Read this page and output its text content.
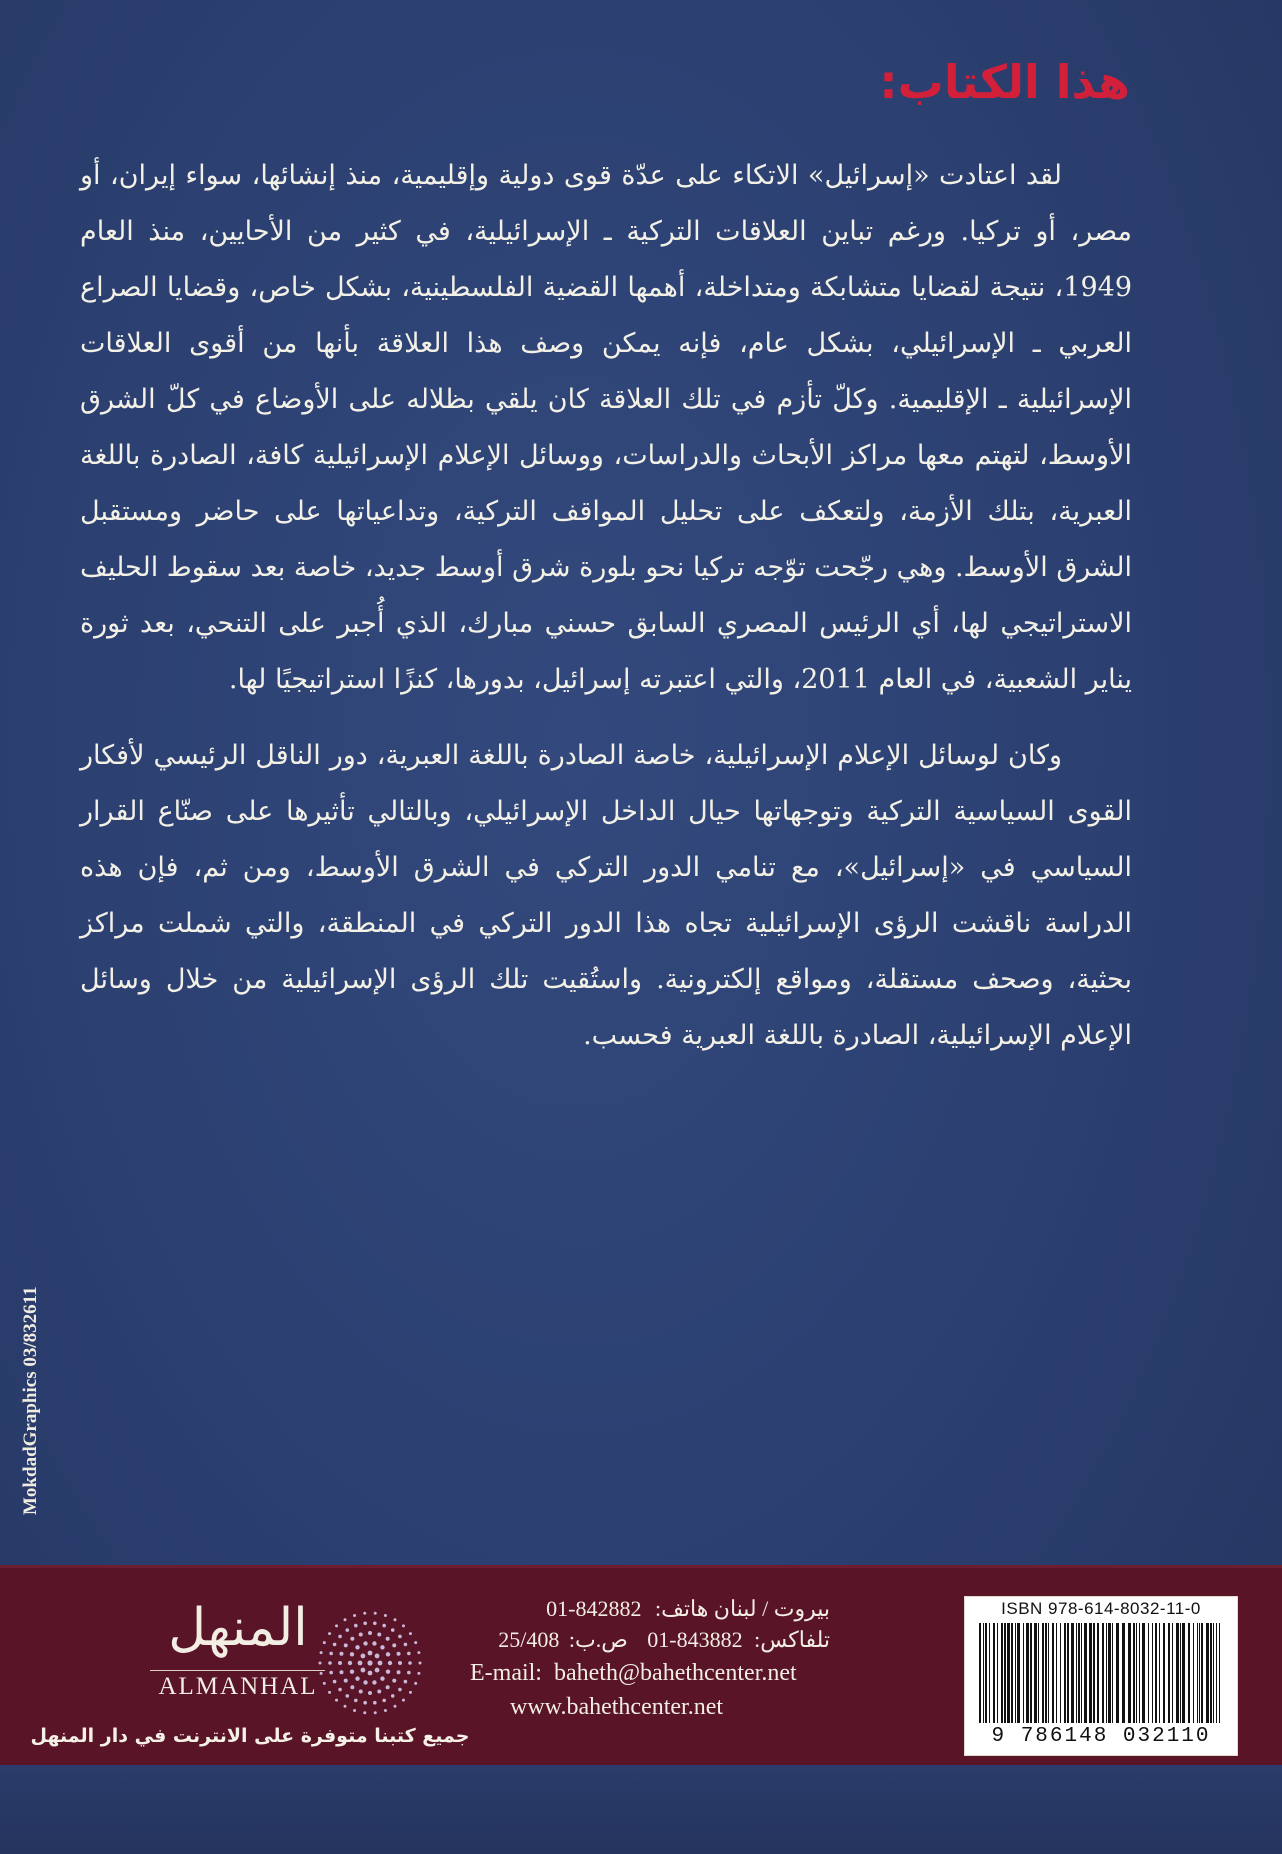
هذا الكتاب:

لقد اعتادت «إسرائيل» الاتكاء على عدّة قوى دولية وإقليمية، منذ إنشائها، سواء إيران، أو مصر، أو تركيا. ورغم تباين العلاقات التركية ـ الإسرائيلية، في كثير من الأحايين، منذ العام 1949، نتيجة لقضايا متشابكة ومتداخلة، أهمها القضية الفلسطينية، بشكل خاص، وقضايا الصراع العربي ـ الإسرائيلي، بشكل عام، فإنه يمكن وصف هذا العلاقة بأنها من أقوى العلاقات الإسرائيلية ـ الإقليمية. وكلّ تأزم في تلك العلاقة كان يلقي بظلاله على الأوضاع في كلّ الشرق الأوسط، لتهتم معها مراكز الأبحاث والدراسات، ووسائل الإعلام الإسرائيلية كافة، الصادرة باللغة العبرية، بتلك الأزمة، ولتعكف على تحليل المواقف التركية، وتداعياتها على حاضر ومستقبل الشرق الأوسط. وهي رجّحت توّجه تركيا نحو بلورة شرق أوسط جديد، خاصة بعد سقوط الحليف الاستراتيجي لها، أي الرئيس المصري السابق حسني مبارك، الذي أُجبر على التنحي، بعد ثورة يناير الشعبية، في العام 2011، والتي اعتبرته إسرائيل، بدورها، كنزًا استراتيجيًا لها.

وكان لوسائل الإعلام الإسرائيلية، خاصة الصادرة باللغة العبرية، دور الناقل الرئيسي لأفكار القوى السياسية التركية وتوجهاتها حيال الداخل الإسرائيلي، وبالتالي تأثيرها على صنّاع القرار السياسي في «إسرائيل»، مع تنامي الدور التركي في الشرق الأوسط، ومن ثم، فإن هذه الدراسة ناقشت الرؤى الإسرائيلية تجاه هذا الدور التركي في المنطقة، والتي شملت مراكز بحثية، وصحف مستقلة، ومواقع إلكترونية. واستُقيت تلك الرؤى الإسرائيلية من خلال وسائل الإعلام الإسرائيلية، الصادرة باللغة العبرية فحسب.

MokdadGraphics 03/832611
المنهل
ALMANHAL
جميع كتبنا متوفرة على الانترنت في دار المنهل
بيروت / لبنان هاتف: 01-842882
تلفاكس: 01-843882 ص.ب: 25/408
E-mail: baheth@bahethcenter.net
www.bahethcenter.net
ISBN 978-614-8032-11-0
9 786148 032110
